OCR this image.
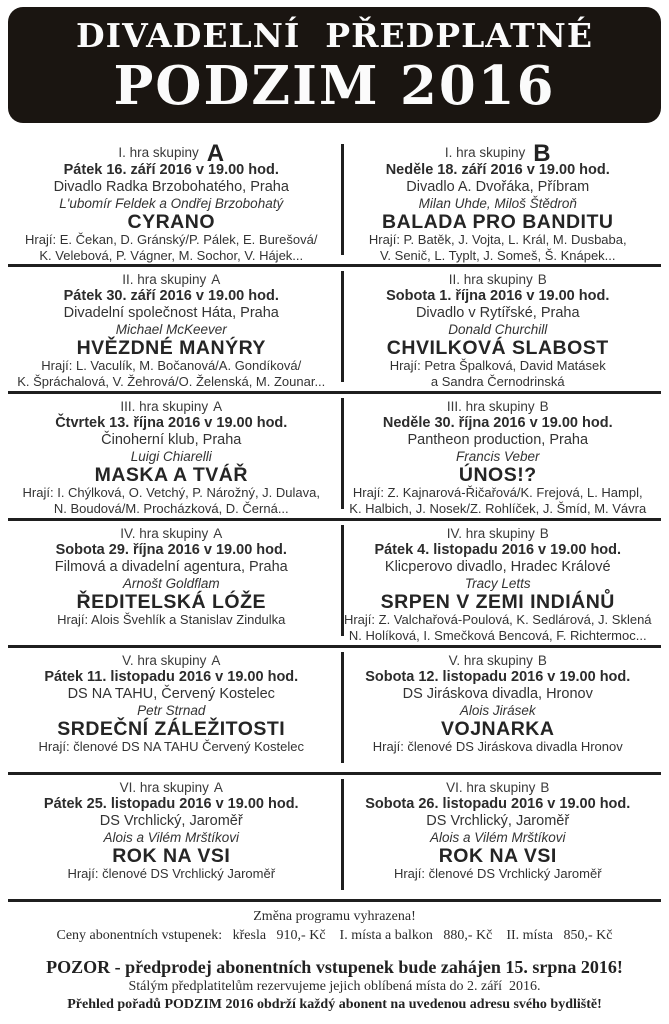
DIVADELNÍ  PŘEDPLATNÉ
PODZIM 2016
I. hra skupiny A
Pátek 16. září 2016 v 19.00 hod.
Divadlo Radka Brzobohatého, Praha
L'ubomír Feldek a Ondřej Brzobohatý
CYRANO
Hrají: E. Čekan, D. Gránský/P. Pálek, E. Burešová/
K. Velebová, P. Vágner, M. Sochor, V. Hájek...
I. hra skupiny B
Neděle 18. září 2016 v 19.00 hod.
Divadlo A. Dvořáka, Příbram
Milan Uhde, Miloš Štědroň
BALADA PRO BANDITU
Hrají: P. Batěk, J. Vojta, L. Král, M. Dusbaba,
V. Senič, L. Typlt, J. Someš, Š. Knápek...
II. hra skupiny A
Pátek 30. září 2016 v 19.00 hod.
Divadelní společnost Háta, Praha
Michael McKeever
HVĚZDNÉ MANÝRY
Hrají: L. Vaculík, M. Bočanová/A. Gondíková/
K. Špráchalová, V. Žehrová/O. Želenská, M. Zounar...
II. hra skupiny B
Sobota 1. října 2016 v 19.00 hod.
Divadlo v Rytířské, Praha
Donald Churchill
CHVILKOVÁ SLABOST
Hrají: Petra Špalková, David Matásek
a Sandra Černodrinská
III. hra skupiny A
Čtvrtek 13. října 2016 v 19.00 hod.
Činoherní klub, Praha
Luigi Chiarelli
MASKA A TVÁŘ
Hrají: I. Chýlková, O. Vetchý, P. Nárožný, J. Dulava,
N. Boudová/M. Procházková, D. Černá...
III. hra skupiny B
Neděle 30. října 2016 v 19.00 hod.
Pantheon production, Praha
Francis Veber
ÚNOS!?
Hrají: Z. Kajnarová-Řičařová/K. Frejová, L. Hampl,
K. Halbich, J. Nosek/Z. Rohlíček, J. Šmíd, M. Vávra
IV. hra skupiny A
Sobota 29. října 2016 v 19.00 hod.
Filmová a divadelní agentura, Praha
Arnošt Goldflam
ŘEDITELSKÁ LÓŽE
Hrají: Alois Švehlík a Stanislav Zindulka
IV. hra skupiny B
Pátek 4. listopadu 2016 v 19.00 hod.
Klicperovo divadlo, Hradec Králové
Tracy Letts
SRPEN V ZEMI INDIÁNŮ
Hrají: Z. Valchařová-Poulová, K. Sedlárová, J. Sklená
N. Holíková, I. Smečková Bencová, F. Richtermoc...
V. hra skupiny A
Pátek 11. listopadu 2016 v 19.00 hod.
DS NA TAHU, Červený Kostelec
Petr Strnad
SRDEČNÍ ZÁLEŽITOSTI
Hrají: členové DS NA TAHU Červený Kostelec
V. hra skupiny B
Sobota 12. listopadu 2016 v 19.00 hod.
DS Jiráskova divadla, Hronov
Alois Jirásek
VOJNARKA
Hrají: členové DS Jiráskova divadla Hronov
VI. hra skupiny A
Pátek 25. listopadu 2016 v 19.00 hod.
DS Vrchlický, Jaroměř
Alois a Vilém Mrštíkovi
ROK NA VSI
Hrají: členové DS Vrchlický Jaroměř
VI. hra skupiny B
Sobota 26. listopadu 2016 v 19.00 hod.
DS Vrchlický, Jaroměř
Alois a Vilém Mrštíkovi
ROK NA VSI
Hrají: členové DS Vrchlický Jaroměř
Změna programu vyhrazena!
Ceny abonentních vstupenek:   křesla   910,- Kč    I. místa a balkon   880,- Kč    II. místa   850,- Kč
POZOR - předprodej abonentních vstupenek bude zahájen 15. srpna 2016!
Stálým předplatitelům rezervujeme jejich oblíbená místa do 2. září  2016.
Přehled pořadů PODZIM 2016 obdrží každý abonent na uvedenou adresu svého bydliště!
